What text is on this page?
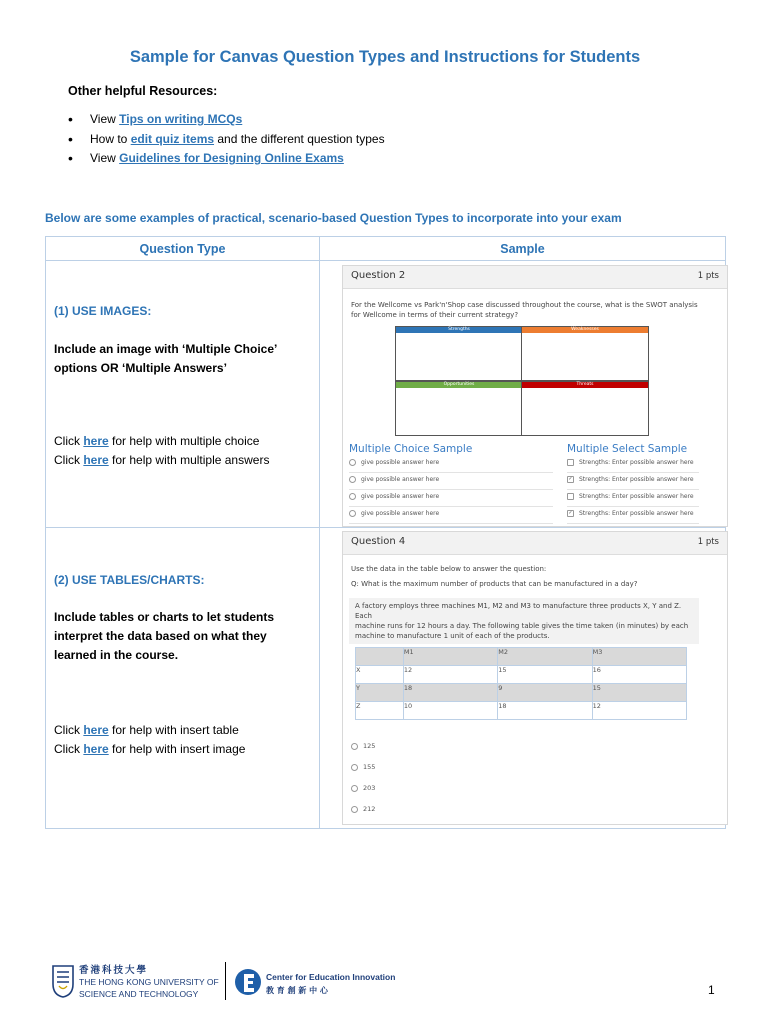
Sample for Canvas Question Types and Instructions for Students
Other helpful Resources:
• View Tips on writing MCQs
• How to edit quiz items and the different question types
• View Guidelines for Designing Online Exams
Below are some examples of practical, scenario-based Question Types to incorporate into your exam
Question Type	Sample

(1) USE IMAGES:
Include an image with ‘Multiple Choice’ options OR ‘Multiple Answers’
Click here for help with multiple choice
Click here for help with multiple answers

Question 2	1 pts
For the Wellcome vs Park'n'Shop case discussed throughout the course, what is the SWOT analysis
for Wellcome in terms of their current strategy?
Strengths	Weaknesses
Opportunities	Threats
Multiple Choice Sample	Multiple Select Sample
give possible answer here
give possible answer here
give possible answer here
give possible answer here
Strengths: Enter possible answer here
✓ Strengths: Enter possible answer here
Strengths: Enter possible answer here
✓ Strengths: Enter possible answer here

(2) USE TABLES/CHARTS:
Include tables or charts to let students interpret the data based on what they learned in the course.
Click here for help with insert table
Click here for help with insert image

Question 4	1 pts
Use the data in the table below to answer the question:
Q: What is the maximum number of products that can be manufactured in a day?
A factory employs three machines M1, M2 and M3 to manufacture three products X, Y and Z. Each
machine runs for 12 hours a day. The following table gives the time taken (in minutes) by each
machine to manufacture 1 unit of each of the products.
	M1	M2	M3
X	12	15	16
Y	18	9	15
Z	10	18	12
125
155
203
212
香港科技大學
THE HONG KONG UNIVERSITY OF
SCIENCE AND TECHNOLOGY
Center for Education Innovation
教 育 創 新 中 心	1
